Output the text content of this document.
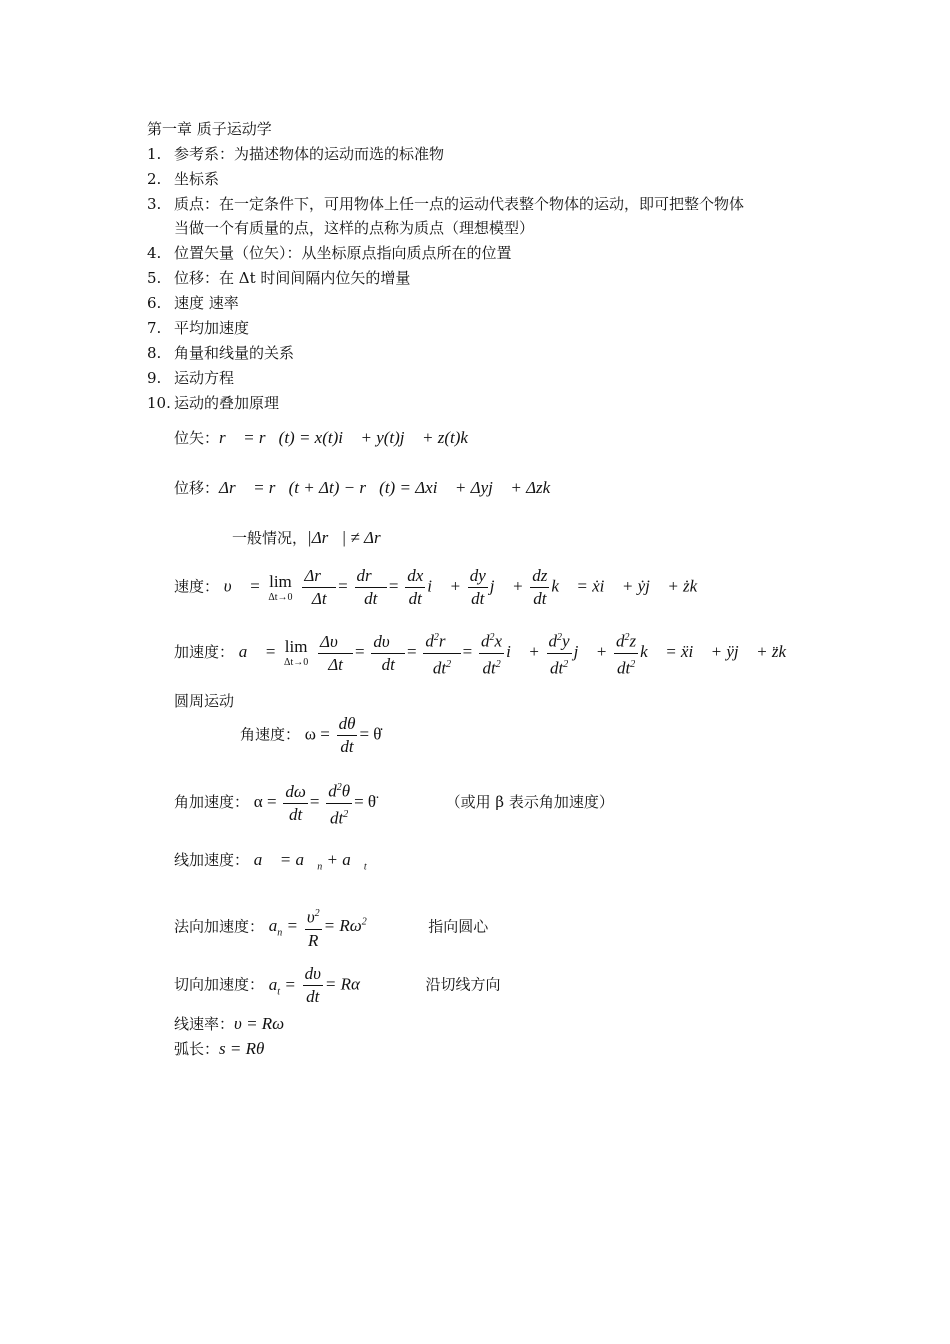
第一章 质子运动学
1. 参考系：为描述物体的运动而选的标准物
2. 坐标系
3. 质点：在一定条件下，可用物体上任一点的运动代表整个物体的运动，即可把整个物体
当做一个有质量的点，这样的点称为质点（理想模型）
4. 位置矢量（位矢）：从坐标原点指向质点所在的位置
5. 位移：在 Δt 时间间隔内位矢的增量
6. 速度 速率
7. 平均加速度
8. 角量和线量的关系
9. 运动方程
10. 运动的叠加原理
位矢：r⃗ = r⃗(t) = x(t)i⃗ + y(t)j⃗ + z(t)k⃗
位移：Δr⃗ = r⃗(t + Δt) − r⃗(t) = Δxi⃗ + Δyj⃗ + Δzk⃗
一般情况，|Δr⃗| ≠ Δr
速度： υ⃗ = lim
Δt→0
$\frac{\Delta r⃗}{\Delta t} = \frac{dr⃗}{dt} = \frac{dx}{dt}$ i⃗ + $\frac{dy}{dt}$ j⃗ + $\frac{dz}{dt}$ k⃗ = ẋi⃗ + ẏj⃗ + żk⃗
加速度： a⃗ = lim
Δt→0
$\frac{\Delta\upsilon⃗}{\Delta t} = \frac{d\upsilon⃗}{dt} = \frac{d^2r⃗}{dt^2} = \frac{d^2x}{dt^2}$ i⃗ + $\frac{d^2y}{dt^2}$ j⃗ + $\frac{d^2z}{dt^2}$ k⃗ = ẍi⃗ + ÿj⃗ + z̈k⃗
圆周运动
角速度： $\omega = \frac{d\theta}{dt}$ = θ̇
角加速度： $\alpha = \frac{d\omega}{dt} = \frac{d^2\theta}{dt^2}$ = θ̈	（或用 β 表示角加速度）
线加速度： a⃗ = $a⃗_n$ + $a⃗_t$
法向加速度： $a_n = \frac{\upsilon^2}{R} = R\omega^2$	指向圆心
切向加速度： $a_t = \frac{d\upsilon}{dt} = R\alpha$	沿切线方向
线速率：υ = Rω
弧长：s = Rθ
